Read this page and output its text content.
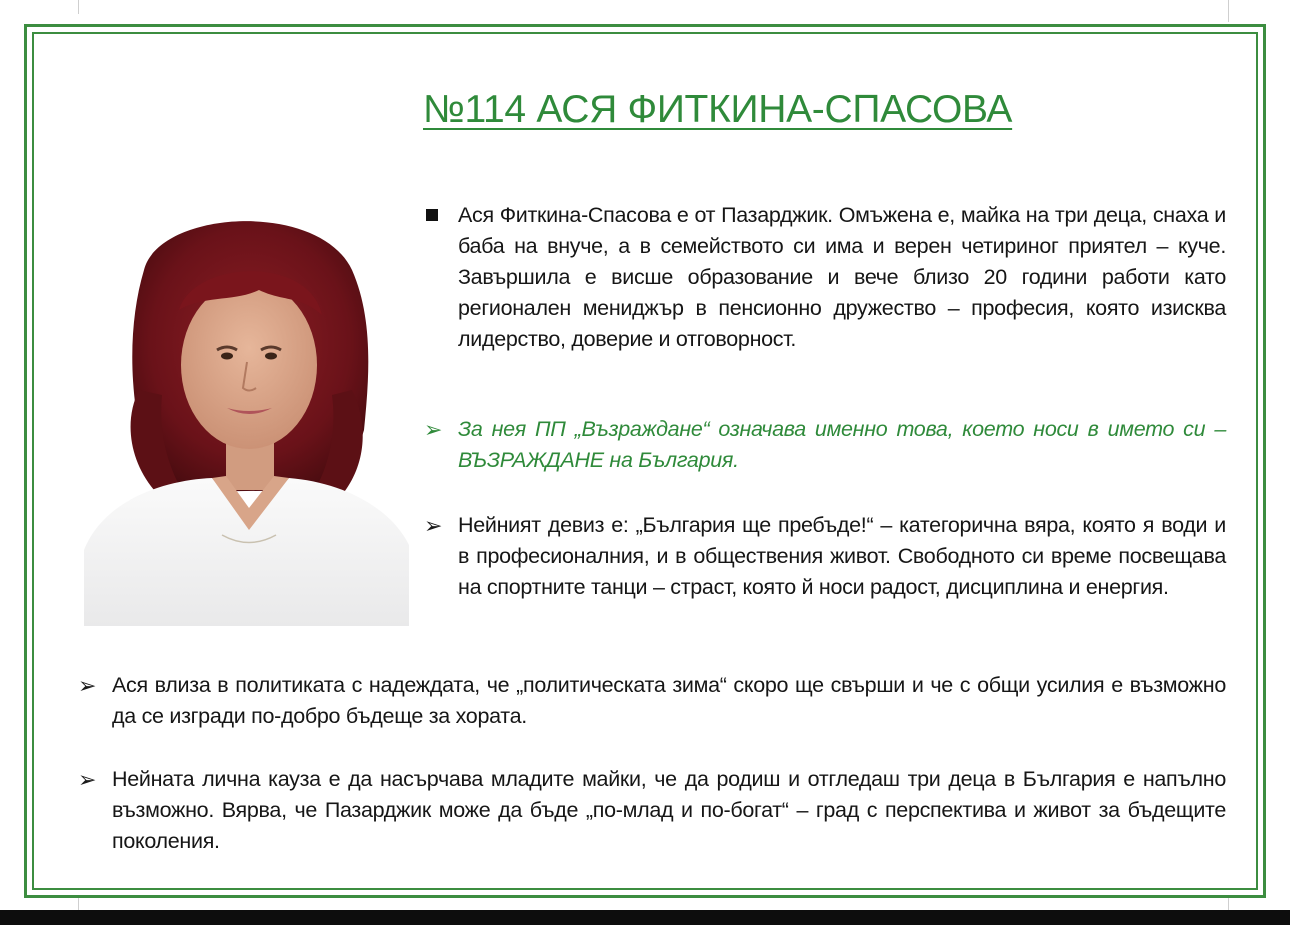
№114 АСЯ ФИТКИНА-СПАСОВА
Ася Фиткина-Спасова е от Пазарджик. Омъжена е, майка на три деца, снаха и баба на внуче, а в семейството си има и верен четириног приятел – куче. Завършила е висше образование и вече близо 20 години работи като регионален мениджър в пенсионно дружество – професия, която изисква лидерство, доверие и отговорност.
➢ За нея ПП „Възраждане“ означава именно това, което носи в името си – ВЪЗРАЖДАНЕ на България.
➢ Нейният девиз е: „България ще пребъде!“ – категорична вяра, която я води и в професионалния, и в обществения живот. Свободното си време посвещава на спортните танци – страст, която й носи радост, дисциплина и енергия.
➢ Ася влиза в политиката с надеждата, че „политическата зима“ скоро ще свърши и че с общи усилия е възможно да се изгради по-добро бъдеще за хората.
➢ Нейната лична кауза е да насърчава младите майки, че да родиш и отгледаш три деца в България е напълно възможно. Вярва, че Пазарджик може да бъде „по-млад и по-богат“ – град с перспектива и живот за бъдещите поколения.
